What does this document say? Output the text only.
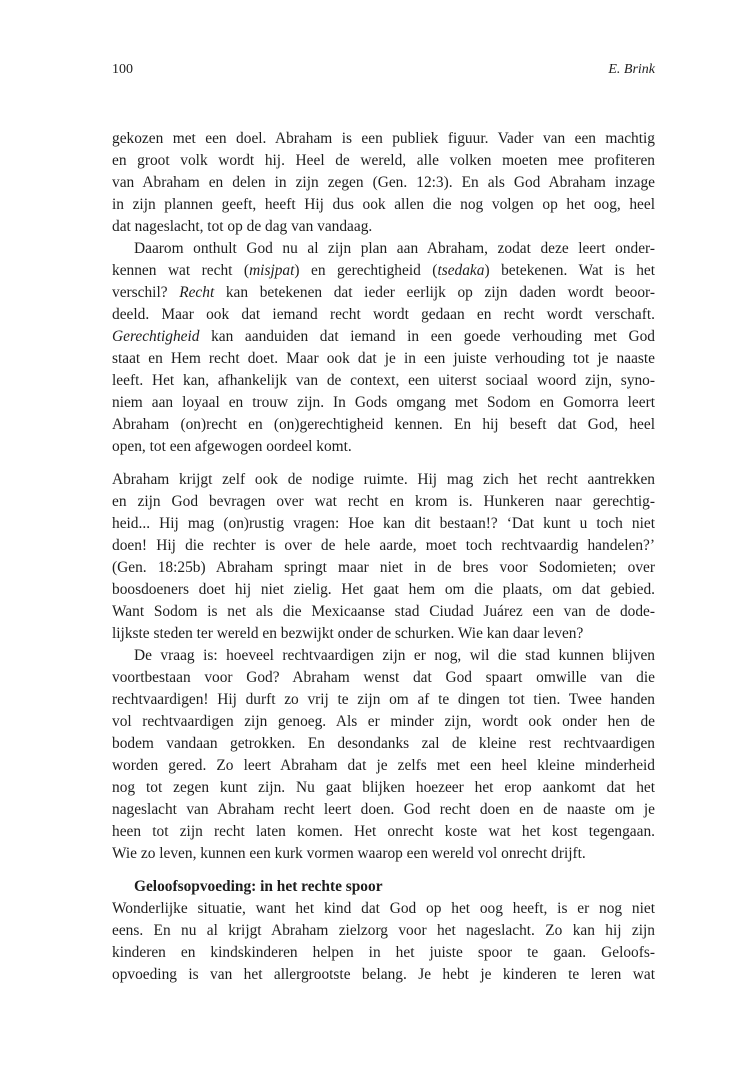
100	E. Brink
gekozen met een doel. Abraham is een publiek figuur. Vader van een machtig
en groot volk wordt hij. Heel de wereld, alle volken moeten mee profiteren
van Abraham en delen in zijn zegen (Gen. 12:3). En als God Abraham inzage
in zijn plannen geeft, heeft Hij dus ook allen die nog volgen op het oog, heel
dat nageslacht, tot op de dag van vandaag.
Daarom onthult God nu al zijn plan aan Abraham, zodat deze leert onder-
kennen wat recht (misjpat) en gerechtigheid (tsedaka) betekenen. Wat is het
verschil? Recht kan betekenen dat ieder eerlijk op zijn daden wordt beoor-
deeld. Maar ook dat iemand recht wordt gedaan en recht wordt verschaft.
Gerechtigheid kan aanduiden dat iemand in een goede verhouding met God
staat en Hem recht doet. Maar ook dat je in een juiste verhouding tot je naaste
leeft. Het kan, afhankelijk van de context, een uiterst sociaal woord zijn, syno-
niem aan loyaal en trouw zijn. In Gods omgang met Sodom en Gomorra leert
Abraham (on)recht en (on)gerechtigheid kennen. En hij beseft dat God, heel
open, tot een afgewogen oordeel komt.
Abraham krijgt zelf ook de nodige ruimte. Hij mag zich het recht aantrekken
en zijn God bevragen over wat recht en krom is. Hunkeren naar gerechtig-
heid... Hij mag (on)rustig vragen: Hoe kan dit bestaan!? ‘Dat kunt u toch niet
doen! Hij die rechter is over de hele aarde, moet toch rechtvaardig handelen?’
(Gen. 18:25b) Abraham springt maar niet in de bres voor Sodomieten; over
boosdoeners doet hij niet zielig. Het gaat hem om die plaats, om dat gebied.
Want Sodom is net als die Mexicaanse stad Ciudad Juárez een van de dode-
lijkste steden ter wereld en bezwijkt onder de schurken. Wie kan daar leven?
De vraag is: hoeveel rechtvaardigen zijn er nog, wil die stad kunnen blijven
voortbestaan voor God? Abraham wenst dat God spaart omwille van die
rechtvaardigen! Hij durft zo vrij te zijn om af te dingen tot tien. Twee handen
vol rechtvaardigen zijn genoeg. Als er minder zijn, wordt ook onder hen de
bodem vandaan getrokken. En desondanks zal de kleine rest rechtvaardigen
worden gered. Zo leert Abraham dat je zelfs met een heel kleine minderheid
nog tot zegen kunt zijn. Nu gaat blijken hoezeer het erop aankomt dat het
nageslacht van Abraham recht leert doen. God recht doen en de naaste om je
heen tot zijn recht laten komen. Het onrecht koste wat het kost tegengaan.
Wie zo leven, kunnen een kurk vormen waarop een wereld vol onrecht drijft.
Geloofsopvoeding: in het rechte spoor
Wonderlijke situatie, want het kind dat God op het oog heeft, is er nog niet
eens. En nu al krijgt Abraham zielzorg voor het nageslacht. Zo kan hij zijn
kinderen en kindskinderen helpen in het juiste spoor te gaan. Geloofs-
opvoeding is van het allergrootste belang. Je hebt je kinderen te leren wat
